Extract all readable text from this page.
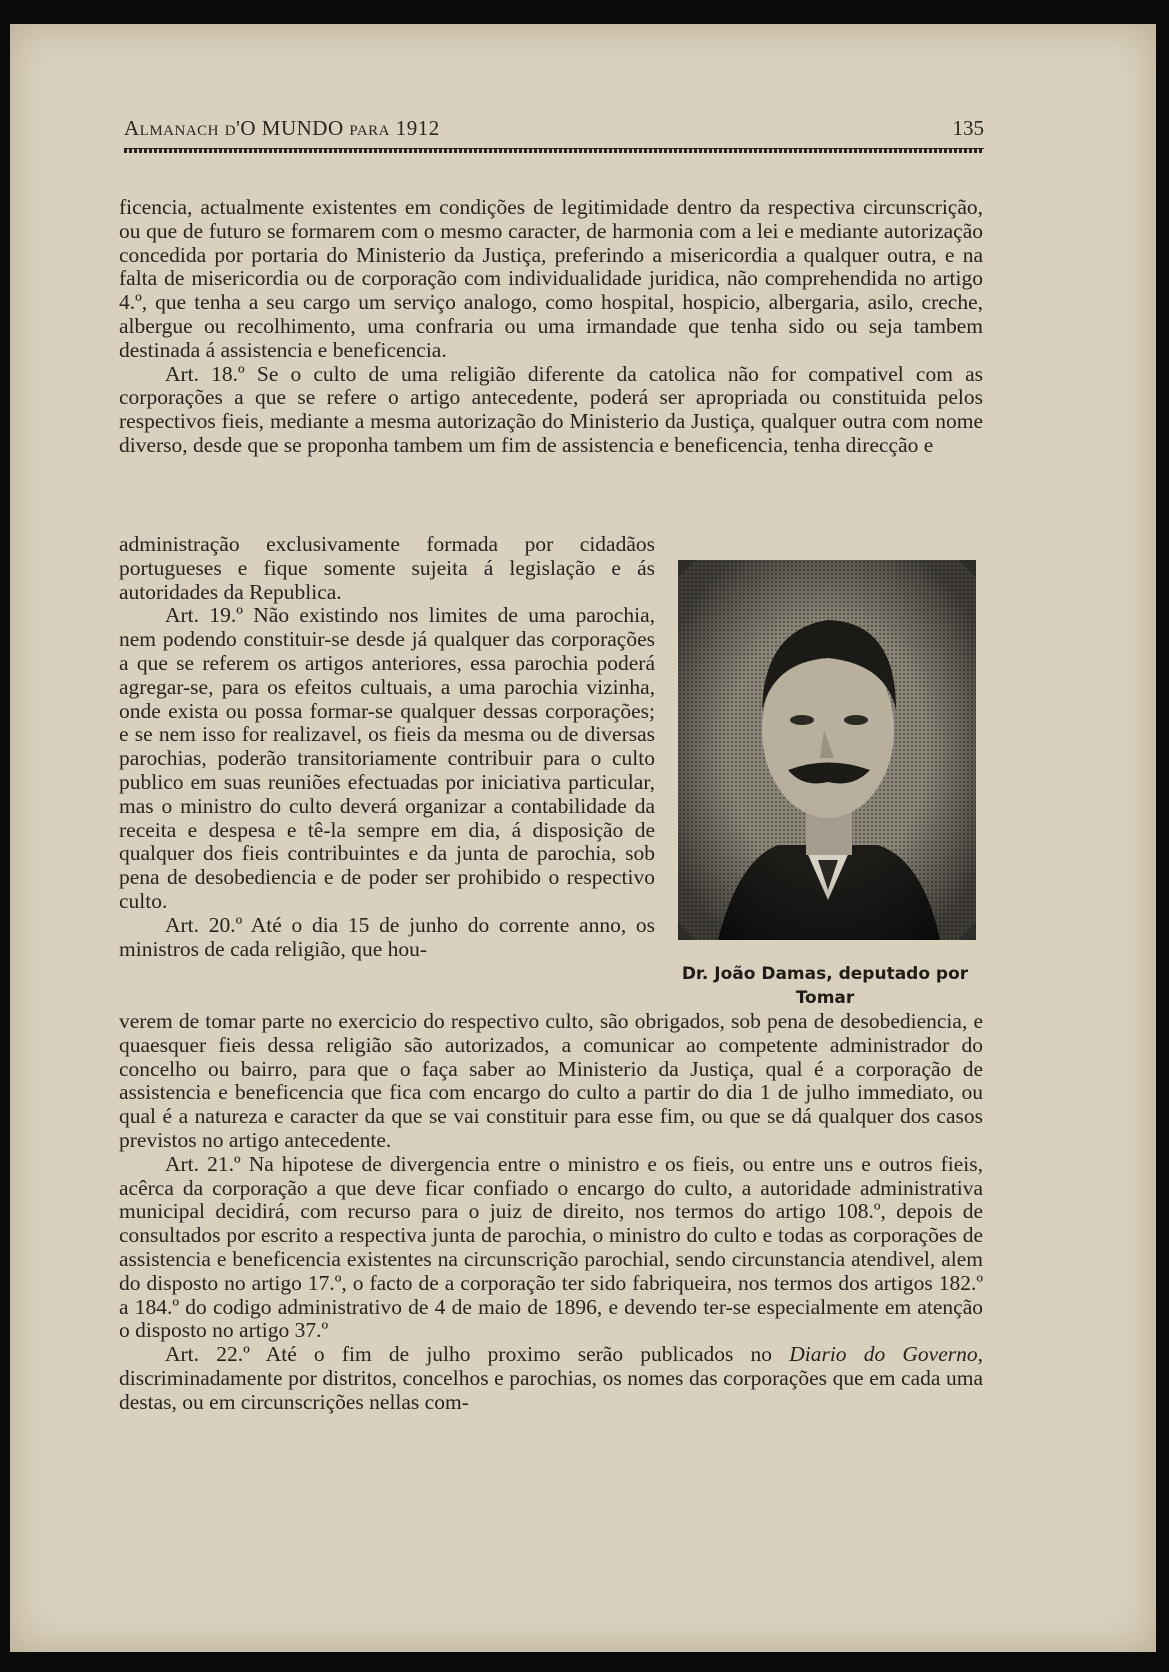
Almanach d'O MUNDO para 1912	135

ficencia, actualmente existentes em condições de legitimidade dentro da respectiva circunscrição, ou que de futuro se formarem com o mesmo caracter, de harmonia com a lei e mediante autorização concedida por portaria do Ministerio da Justiça, preferindo a misericordia a qualquer outra, e na falta de misericordia ou de corporação com individualidade juridica, não comprehendida no artigo 4.º, que tenha a seu cargo um serviço analogo, como hospital, hospicio, albergaria, asilo, creche, albergue ou recolhimento, uma confraria ou uma irmandade que tenha sido ou seja tambem destinada á assistencia e beneficencia.

Art. 18.º Se o culto de uma religião diferente da catolica não for compativel com as corporações a que se refere o artigo antecedente, poderá ser apropriada ou constituida pelos respectivos fieis, mediante a mesma autorização do Ministerio da Justiça, qualquer outra com nome diverso, desde que se proponha tambem um fim de assistencia e beneficencia, tenha direcção e

administração exclusivamente formada por cidadãos portugueses e fique somente sujeita á legislação e ás autoridades da Republica.

Art. 19.º Não existindo nos limites de uma parochia, nem podendo constituir-se desde já qualquer das corporações a que se referem os artigos anteriores, essa parochia poderá agregar-se, para os efeitos cultuais, a uma parochia vizinha, onde exista ou possa formar-se qualquer dessas corporações; e se nem isso for realizavel, os fieis da mesma ou de diversas parochias, poderão transitoriamente contribuir para o culto publico em suas reuniões efectuadas por iniciativa particular, mas o ministro do culto deverá organizar a contabilidade da receita e despesa e tê-la sempre em dia, á disposição de qualquer dos fieis contribuintes e da junta de parochia, sob pena de desobediencia e de poder ser prohibido o respectivo culto.

Art. 20.º Até o dia 15 de junho do corrente anno, os ministros de cada religião, que hou-

Dr. João Damas, deputado por Tomar

verem de tomar parte no exercicio do respectivo culto, são obrigados, sob pena de desobediencia, e quaesquer fieis dessa religião são autorizados, a comunicar ao competente administrador do concelho ou bairro, para que o faça saber ao Ministerio da Justiça, qual é a corporação de assistencia e beneficencia que fica com encargo do culto a partir do dia 1 de julho immediato, ou qual é a natureza e caracter da que se vai constituir para esse fim, ou que se dá qualquer dos casos previstos no artigo antecedente.

Art. 21.º Na hipotese de divergencia entre o ministro e os fieis, ou entre uns e outros fieis, acêrca da corporação a que deve ficar confiado o encargo do culto, a autoridade administrativa municipal decidirá, com recurso para o juiz de direito, nos termos do artigo 108.º, depois de consultados por escrito a respectiva junta de parochia, o ministro do culto e todas as corporações de assistencia e beneficencia existentes na circunscrição parochial, sendo circunstancia atendivel, alem do disposto no artigo 17.º, o facto de a corporação ter sido fabriqueira, nos termos dos artigos 182.º a 184.º do codigo administrativo de 4 de maio de 1896, e devendo ter-se especialmente em atenção o disposto no artigo 37.º

Art. 22.º Até o fim de julho proximo serão publicados no Diario do Governo, discriminadamente por distritos, concelhos e parochias, os nomes das corporações que em cada uma destas, ou em circunscrições nellas com-
